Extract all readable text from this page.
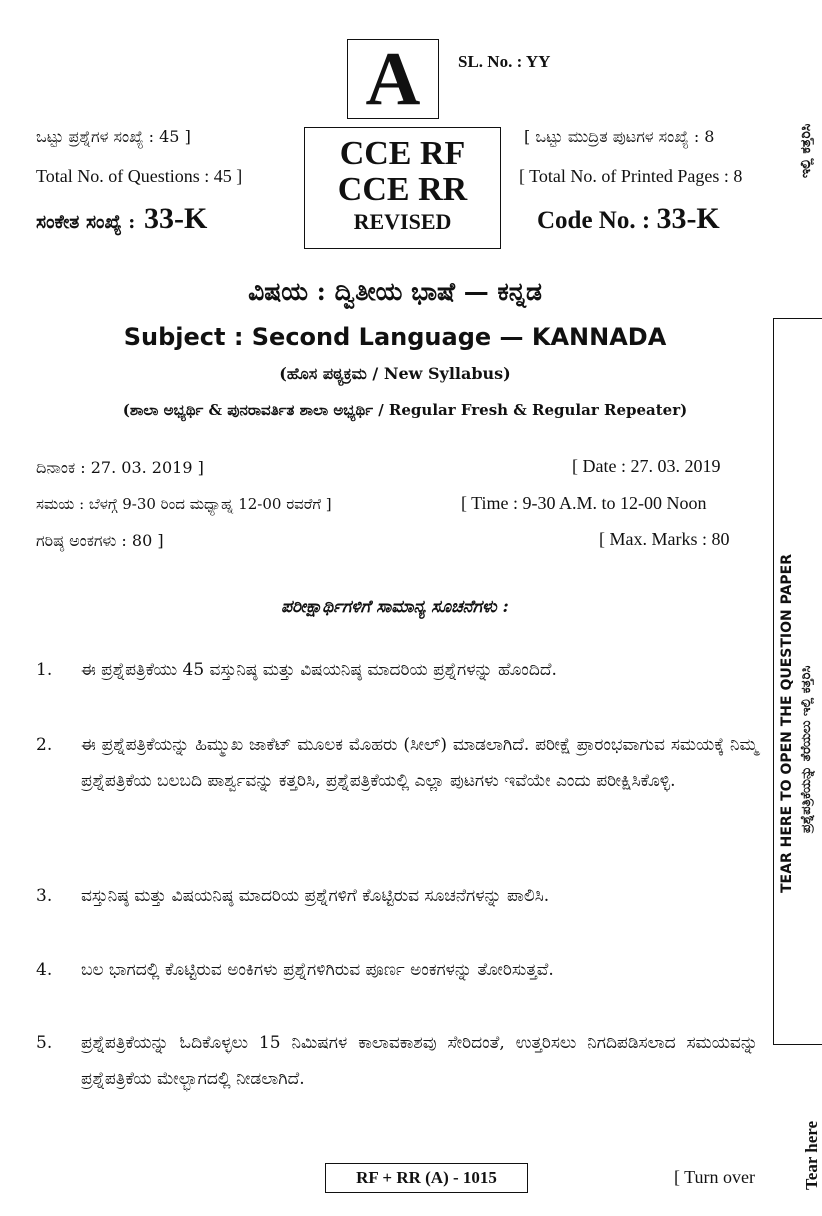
A SL. No. : YY
CCE RF
CCE RR
REVISED
ಒಟ್ಟು ಪ್ರಶ್ನೆಗಳ ಸಂಖ್ಯೆ : 45 ]
Total No. of Questions : 45 ]
ಸಂಕೇತ ಸಂಖ್ಯೆ : 33-K
[ ಒಟ್ಟು ಮುದ್ರಿತ ಪುಟಗಳ ಸಂಖ್ಯೆ : 8
[ Total No. of Printed Pages : 8
Code No. : 33-K
ವಿಷಯ : ದ್ವಿತೀಯ ಭಾಷೆ — ಕನ್ನಡ
Subject : Second Language — KANNADA
(ಹೊಸ ಪಠ್ಯಕ್ರಮ / New Syllabus)
(ಶಾಲಾ ಅಭ್ಯರ್ಥಿ & ಪುನರಾವರ್ತಿತ ಶಾಲಾ ಅಭ್ಯರ್ಥಿ / Regular Fresh & Regular Repeater)
ದಿನಾಂಕ : 27. 03. 2019 ]	[ Date : 27. 03. 2019
ಸಮಯ : ಬೆಳಗ್ಗೆ 9-30 ರಿಂದ ಮಧ್ಯಾಹ್ನ 12-00 ರವರೆಗೆ ]	[ Time : 9-30 A.M. to 12-00 Noon
ಗರಿಷ್ಠ ಅಂಕಗಳು : 80 ]	[ Max. Marks : 80
ಪರೀಕ್ಷಾರ್ಥಿಗಳಿಗೆ ಸಾಮಾನ್ಯ ಸೂಚನೆಗಳು :
1. ಈ ಪ್ರಶ್ನೆಪತ್ರಿಕೆಯು 45 ವಸ್ತುನಿಷ್ಠ ಮತ್ತು ವಿಷಯನಿಷ್ಠ ಮಾದರಿಯ ಪ್ರಶ್ನೆಗಳನ್ನು ಹೊಂದಿದೆ.
2. ಈ ಪ್ರಶ್ನೆಪತ್ರಿಕೆಯನ್ನು ಹಿಮ್ಮುಖ ಜಾಕೆಟ್ ಮೂಲಕ ಮೊಹರು (ಸೀಲ್) ಮಾಡಲಾಗಿದೆ. ಪರೀಕ್ಷೆ ಪ್ರಾರಂಭವಾಗುವ ಸಮಯಕ್ಕೆ ನಿಮ್ಮ ಪ್ರಶ್ನೆಪತ್ರಿಕೆಯ ಬಲಬದಿ ಪಾರ್ಶ್ವವನ್ನು ಕತ್ತರಿಸಿ, ಪ್ರಶ್ನೆಪತ್ರಿಕೆಯಲ್ಲಿ ಎಲ್ಲಾ ಪುಟಗಳು ಇವೆಯೇ ಎಂದು ಪರೀಕ್ಷಿಸಿಕೊಳ್ಳಿ.
3. ವಸ್ತುನಿಷ್ಠ ಮತ್ತು ವಿಷಯನಿಷ್ಠ ಮಾದರಿಯ ಪ್ರಶ್ನೆಗಳಿಗೆ ಕೊಟ್ಟಿರುವ ಸೂಚನೆಗಳನ್ನು ಪಾಲಿಸಿ.
4. ಬಲ ಭಾಗದಲ್ಲಿ ಕೊಟ್ಟಿರುವ ಅಂಕಿಗಳು ಪ್ರಶ್ನೆಗಳಿಗಿರುವ ಪೂರ್ಣ ಅಂಕಗಳನ್ನು ತೋರಿಸುತ್ತವೆ.
5. ಪ್ರಶ್ನೆಪತ್ರಿಕೆಯನ್ನು ಓದಿಕೊಳ್ಳಲು 15 ನಿಮಿಷಗಳ ಕಾಲಾವಕಾಶವು ಸೇರಿದಂತೆ, ಉತ್ತರಿಸಲು ನಿಗದಿಪಡಿಸಲಾದ ಸಮಯವನ್ನು ಪ್ರಶ್ನೆಪತ್ರಿಕೆಯ ಮೇಲ್ಭಾಗದಲ್ಲಿ ನೀಡಲಾಗಿದೆ.
ಇಲ್ಲಿ ಕತ್ತರಿಸಿ
TEAR HERE TO OPEN THE QUESTION PAPER ಪ್ರಶ್ನೆಪತ್ರಿಕೆಯನ್ನು ತೆರೆಯಲು ಇಲ್ಲಿ ಕತ್ತರಿಸಿ
Tear here
RF + RR (A) - 1015	[ Turn over
